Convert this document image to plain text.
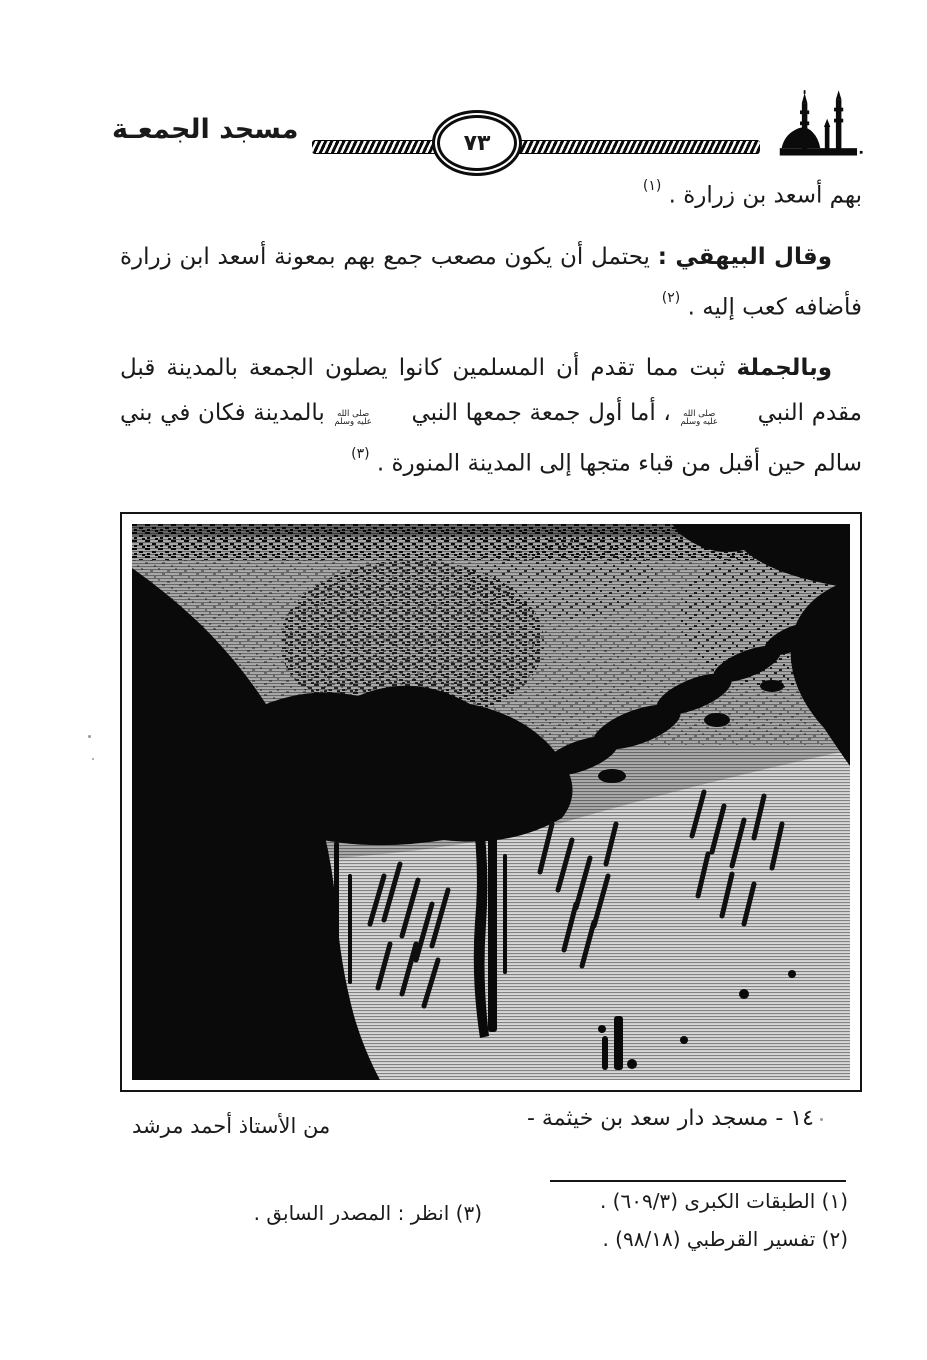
مسجد الجمعـة	٧٣

بهم أسعد بن زرارة . $^{(١)}$

وقال البيهقي : يحتمل أن يكون مصعب جمع بهم بمعونة أسعد ابن زرارة فأضافه كعب إليه . $^{(٢)}$

وبالجملة ثبت مما تقدم أن المسلمين كانوا يصلون الجمعة بالمدينة قبل مقدم النبي
صلى الله
عليه وسلم
، أما أول جمعة جمعها النبي
صلى الله
عليه وسلم
بالمدينة فكان في بني سالم حين أقبل من قباء متجها إلى المدينة المنورة . $^{(٣)}$

١٤ - مسجد دار سعد بن خيثمة -
من الأستاذ أحمد مرشد
(١) الطبقات الكبرى (٦٠٩/٣) .
(٢) تفسير القرطبي (٩٨/١٨) .
(٣) انظر : المصدر السابق .
